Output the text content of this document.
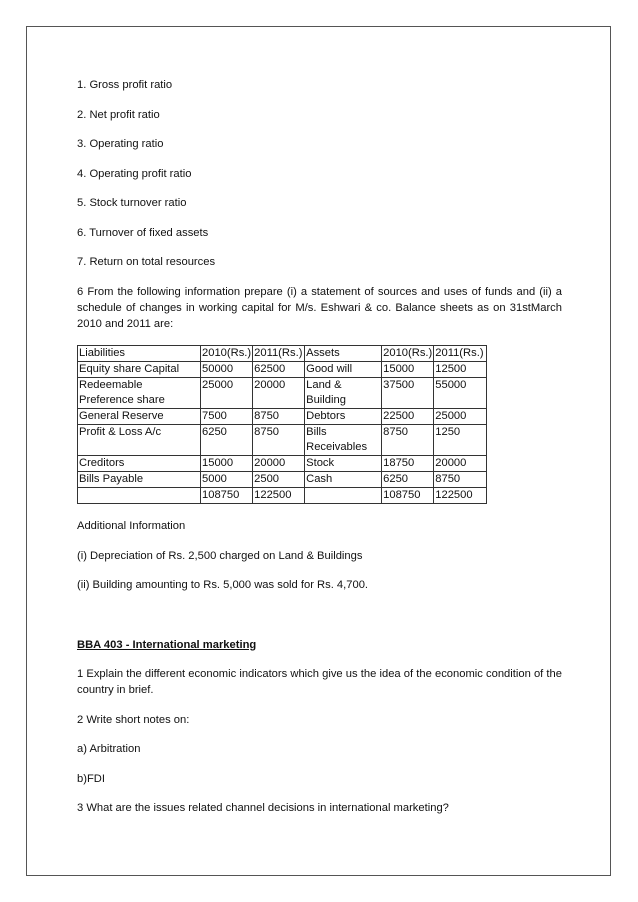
1. Gross profit ratio

2. Net profit ratio

3. Operating ratio

4. Operating profit ratio

5. Stock turnover ratio

6. Turnover of fixed assets

7. Return on total resources

6 From the following information prepare (i) a statement of sources and uses of funds and (ii) a schedule of changes in working capital for M/s. Eshwari & co. Balance sheets as on 31stMarch 2010 and 2011 are:

Liabilities	2010(Rs.)	2011(Rs.)	Assets	2010(Rs.)	2011(Rs.)
Equity share Capital	50000	62500	Good will	15000	12500
Redeemable Preference share	25000	20000	Land & Building	37500	55000
General Reserve	7500	8750	Debtors	22500	25000
Profit & Loss A/c	6250	8750	Bills Receivables	8750	1250
Creditors	15000	20000	Stock	18750	20000
Bills Payable	5000	2500	Cash	6250	8750
	108750	122500		108750	122500

Additional Information

(i) Depreciation of Rs. 2,500 charged on Land & Buildings

(ii) Building amounting to Rs. 5,000 was sold for Rs. 4,700.

BBA 403 - International marketing

1 Explain the different economic indicators which give us the idea of the economic condition of the country in brief.

2 Write short notes on:

a) Arbitration

b)FDI

3 What are the issues related channel decisions in international marketing?
